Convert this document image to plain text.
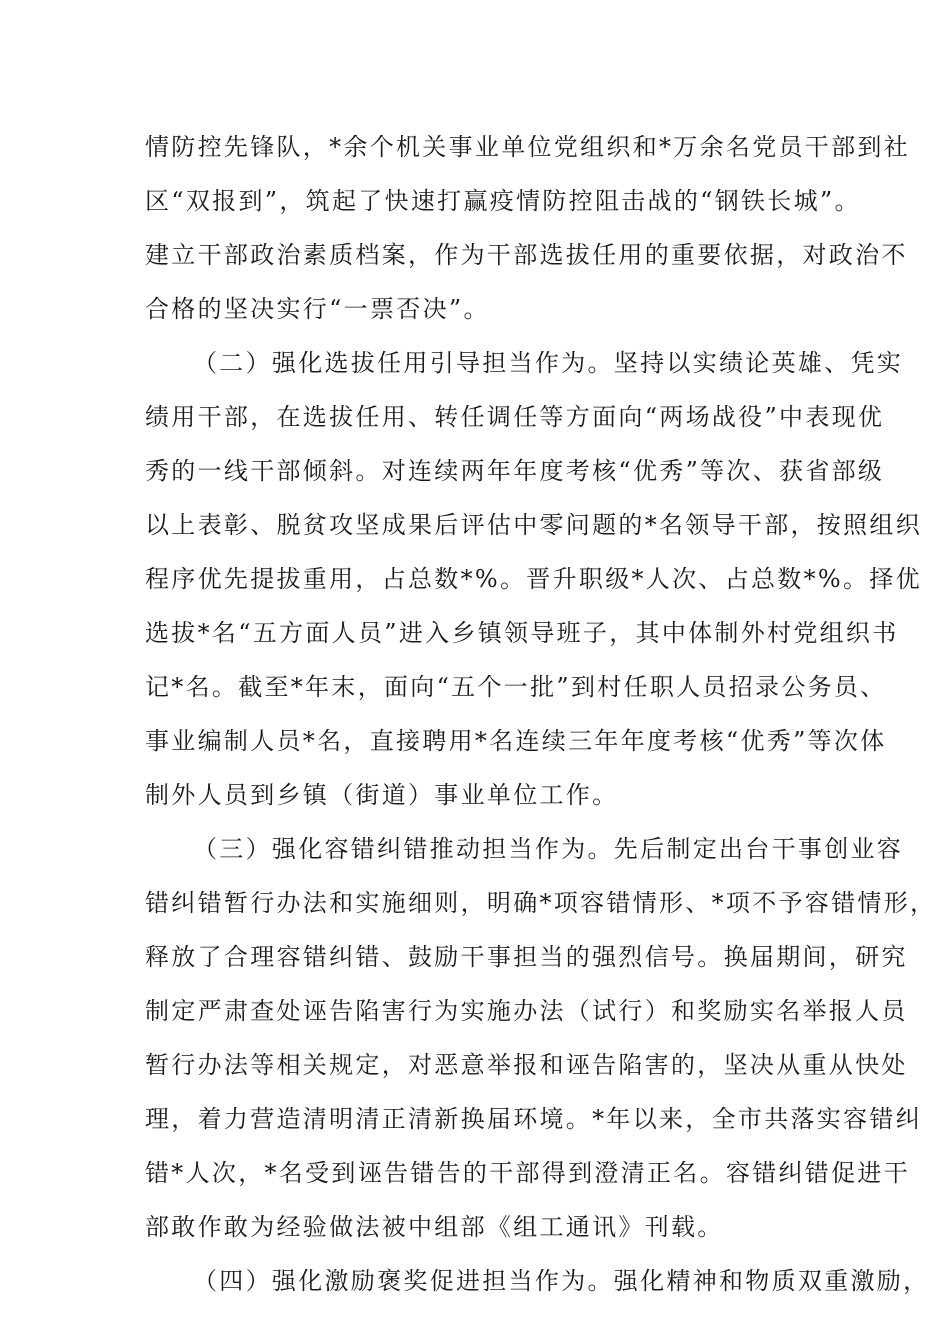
情防控先锋队，*余个机关事业单位党组织和*万余名党员干部到社
区“双报到”，筑起了快速打赢疫情防控阻击战的“钢铁长城”。
建立干部政治素质档案，作为干部选拔任用的重要依据，对政治不
合格的坚决实行“一票否决”。
（二）强化选拔任用引导担当作为。坚持以实绩论英雄、凭实
绩用干部，在选拔任用、转任调任等方面向“两场战役”中表现优
秀的一线干部倾斜。对连续两年年度考核“优秀”等次、获省部级
以上表彰、脱贫攻坚成果后评估中零问题的*名领导干部，按照组织
程序优先提拔重用，占总数*%。晋升职级*人次、占总数*%。择优
选拔*名“五方面人员”进入乡镇领导班子，其中体制外村党组织书
记*名。截至*年末，面向“五个一批”到村任职人员招录公务员、
事业编制人员*名，直接聘用*名连续三年年度考核“优秀”等次体
制外人员到乡镇（街道）事业单位工作。
（三）强化容错纠错推动担当作为。先后制定出台干事创业容
错纠错暂行办法和实施细则，明确*项容错情形、*项不予容错情形，
释放了合理容错纠错、鼓励干事担当的强烈信号。换届期间，研究
制定严肃查处诬告陷害行为实施办法（试行）和奖励实名举报人员
暂行办法等相关规定，对恶意举报和诬告陷害的，坚决从重从快处
理，着力营造清明清正清新换届环境。*年以来，全市共落实容错纠
错*人次，*名受到诬告错告的干部得到澄清正名。容错纠错促进干
部敢作敢为经验做法被中组部《组工通讯》刊载。
（四）强化激励褒奖促进担当作为。强化精神和物质双重激励，
